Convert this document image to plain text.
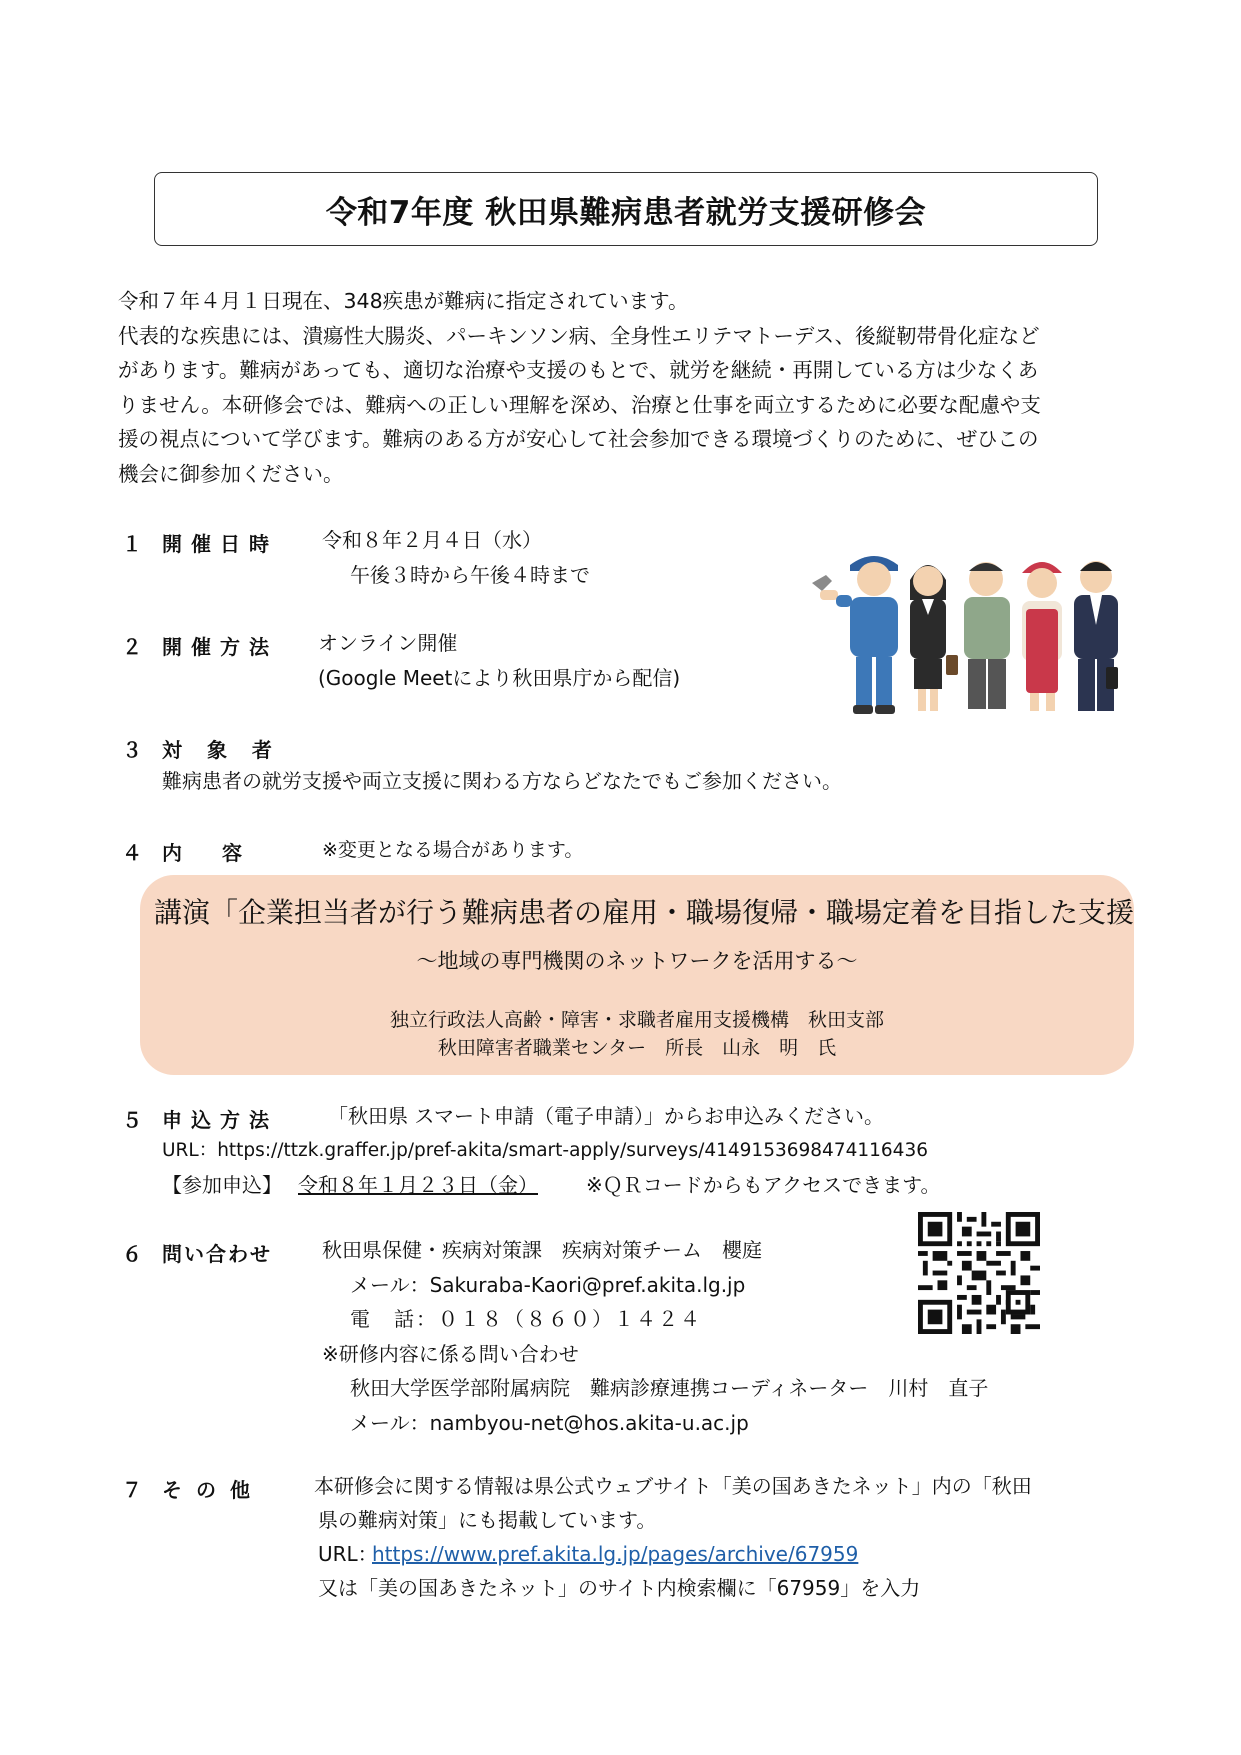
令和7年度 秋田県難病患者就労支援研修会
令和７年４月１日現在、348疾患が難病に指定されています。
代表的な疾患には、潰瘍性大腸炎、パーキンソン病、全身性エリテマトーデス、後縦靭帯骨化症など
があります。難病があっても、適切な治療や支援のもとで、就労を継続・再開している方は少なくあ
りません。本研修会では、難病への正しい理解を深め、治療と仕事を両立するために必要な配慮や支
援の視点について学びます。難病のある方が安心して社会参加できる環境づくりのために、ぜひこの
機会に御参加ください。
１ 開催日時 令和８年２月４日（水）
午後３時から午後４時まで
２ 開催方法 オンライン開催
(Google Meetにより秋田県庁から配信)
３ 対 象 者
難病患者の就労支援や両立支援に関わる方ならどなたでもご参加ください。
４ 内　　容	※変更となる場合があります。
講演「企業担当者が行う難病患者の雇用・職場復帰・職場定着を目指した支援
～地域の専門機関のネットワークを活用する～
独立行政法人高齢・障害・求職者雇用支援機構　秋田支部
秋田障害者職業センター　所長　山永　明　氏
５ 申込方法	「秋田県 スマート申請（電子申請）」からお申込みください。
URL：https://ttzk.graffer.jp/pref-akita/smart-apply/surveys/4149153698474116436
【参加申込】 令和８年１月２３日（金） ※ＱＲコードからもアクセスできます。
６ 問い合わせ	秋田県保健・疾病対策課　疾病対策チーム　櫻庭
メール：Sakuraba-Kaori@pref.akita.lg.jp
電　話：０１８（８６０）１４２４
※研修内容に係る問い合わせ
秋田大学医学部附属病院　難病診療連携コーディネーター　川村　直子
メール：nambyou-net@hos.akita-u.ac.jp
７ その他	本研修会に関する情報は県公式ウェブサイト「美の国あきたネット」内の「秋田
県の難病対策」にも掲載しています。
URL：
https://www.pref.akita.lg.jp/pages/archive/67959
又は「美の国あきたネット」のサイト内検索欄に「67959」を入力
